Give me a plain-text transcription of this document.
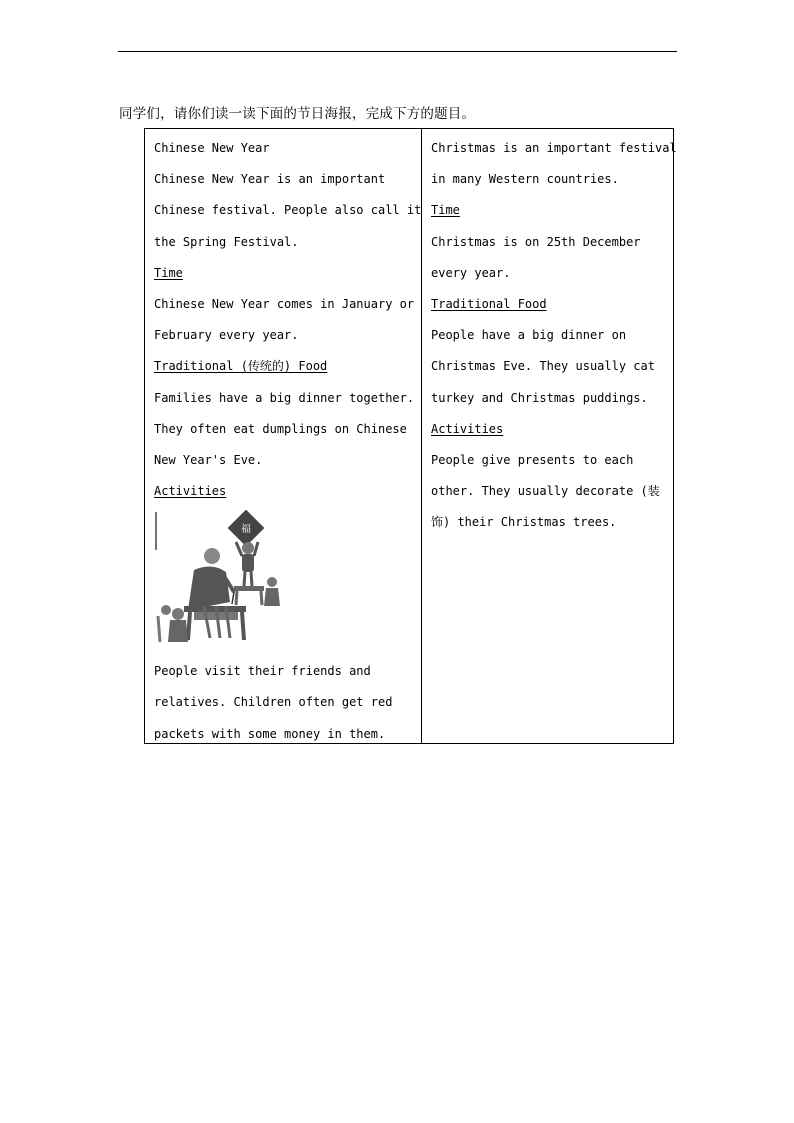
同学们，请你们读一读下面的节日海报，完成下方的题目。
Chinese New Year
Chinese New Year is an important
Chinese festival. People also call it
the Spring Festival.
Time
Chinese New Year comes in January or
February every year.
Traditional (传统的) Food
Families have a big dinner together.
They often eat dumplings on Chinese
New Year's Eve.
Activities
福
People visit their friends and
relatives. Children often get red
packets with some money in them.
Christmas is an important festival
in many Western countries.
Time
Christmas is on 25th December
every year.
Traditional Food
People have a big dinner on
Christmas Eve. They usually cat
turkey and Christmas puddings.
Activities
People give presents to each
other. They usually decorate (装
饰) their Christmas trees.
